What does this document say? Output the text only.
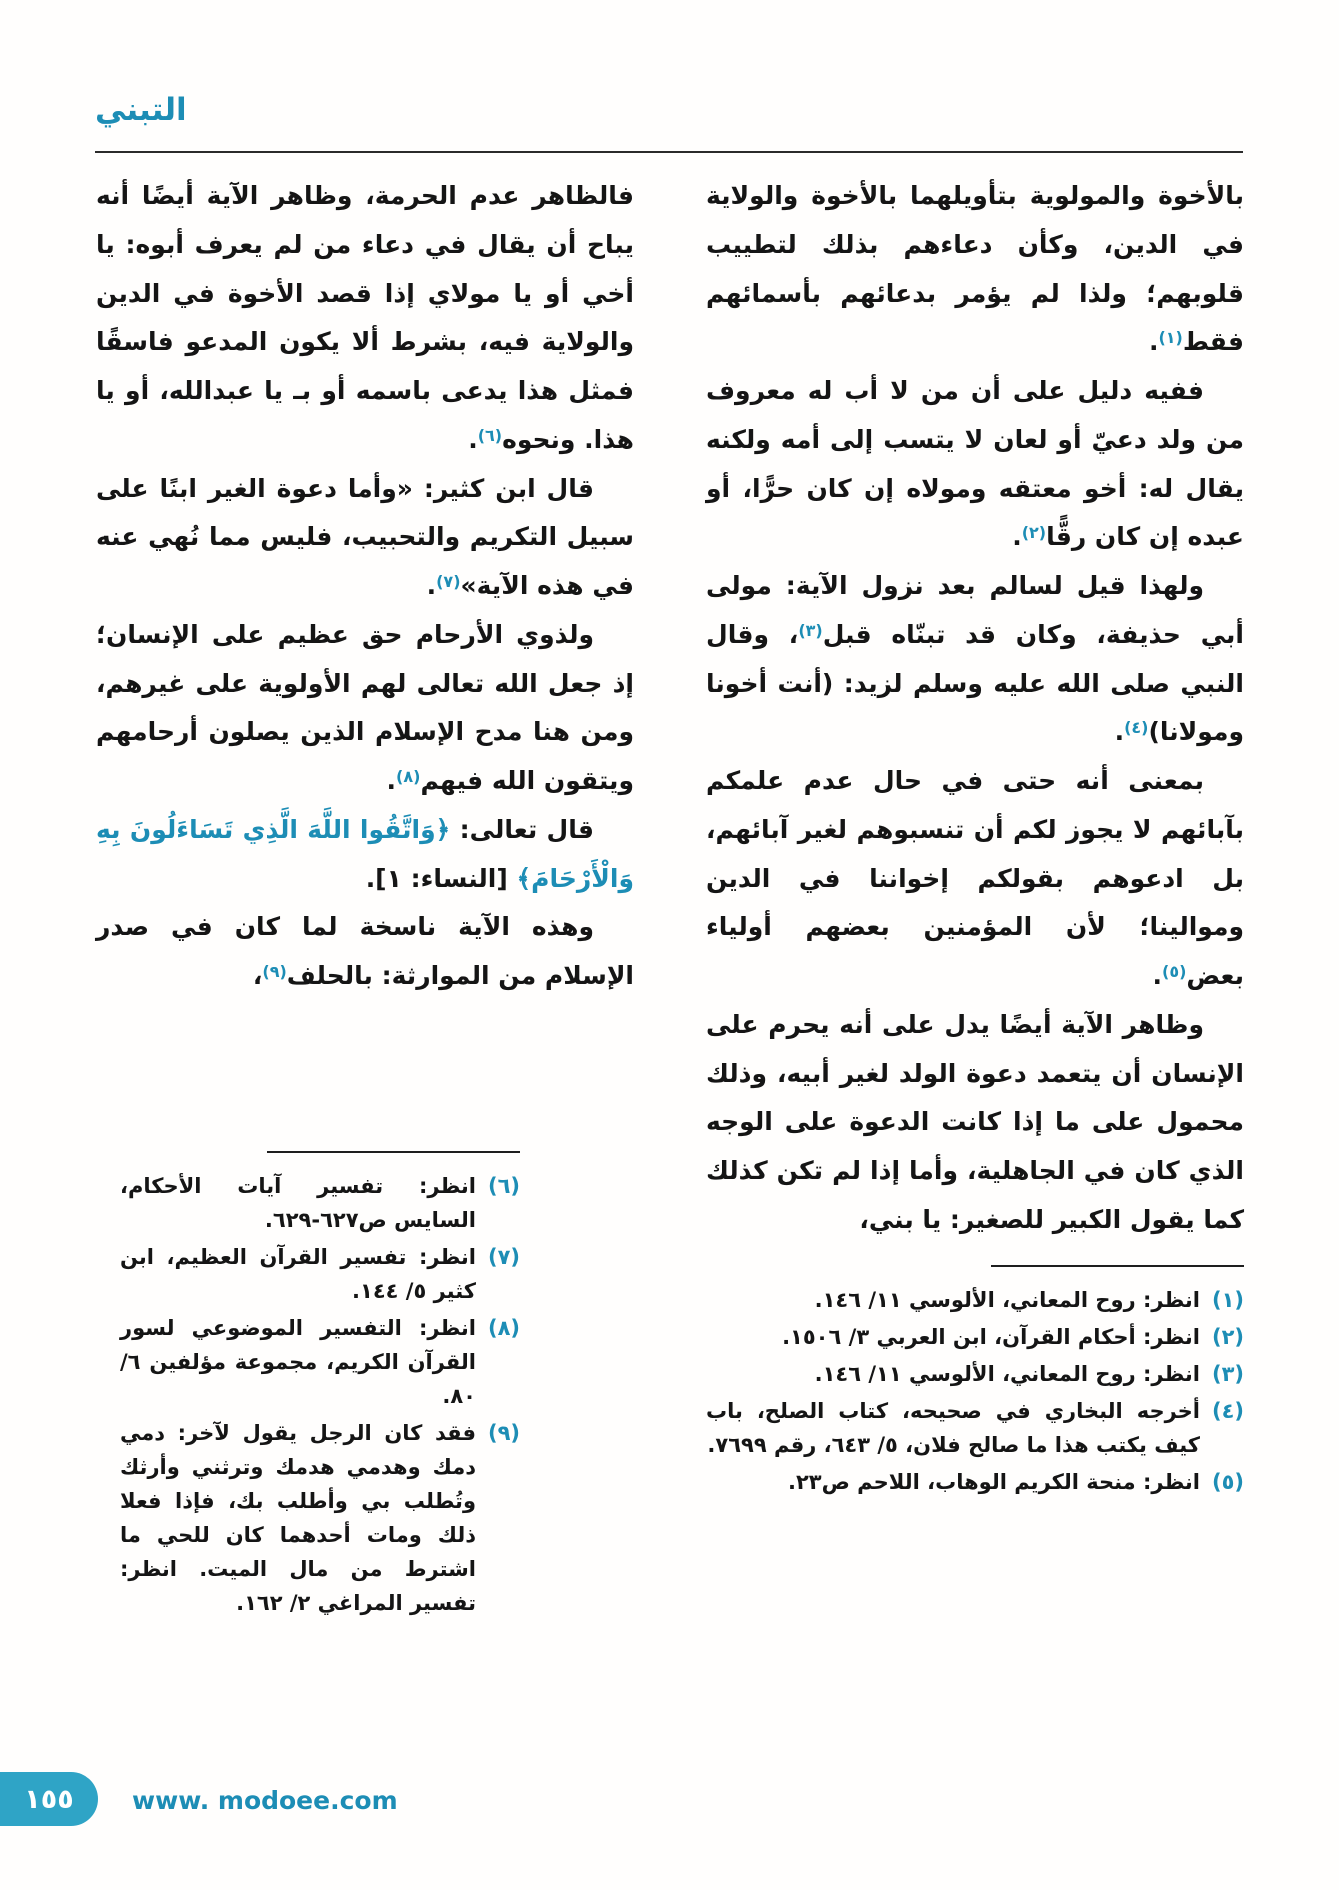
التبني

بالأخوة والمولوية بتأويلهما بالأخوة والولاية في الدين، وكأن دعاءهم بذلك لتطييب قلوبهم؛ ولذا لم يؤمر بدعائهم بأسمائهم فقط$^{(١)}$.

ففيه دليل على أن من لا أب له معروف من ولد دعيّ أو لعان لا يتسب إلى أمه ولكنه يقال له: أخو معتقه ومولاه إن كان حرًّا، أو عبده إن كان رقًّا$^{(٢)}$.

ولهذا قيل لسالم بعد نزول الآية: مولى أبي حذيفة، وكان قد تبنّاه قبل$^{(٣)}$، وقال النبي صلى الله عليه وسلم لزيد: (أنت أخونا ومولانا)$^{(٤)}$.

بمعنى أنه حتى في حال عدم علمكم بآبائهم لا يجوز لكم أن تنسبوهم لغير آبائهم، بل ادعوهم بقولكم إخواننا في الدين وموالينا؛ لأن المؤمنين بعضهم أولياء بعض$^{(٥)}$.

وظاهر الآية أيضًا يدل على أنه يحرم على الإنسان أن يتعمد دعوة الولد لغير أبيه، وذلك محمول على ما إذا كانت الدعوة على الوجه الذي كان في الجاهلية، وأما إذا لم تكن كذلك كما يقول الكبير للصغير: يا بني،

(١)
انظر: روح المعاني، الألوسي ١١/ ١٤٦.
(٢)
انظر: أحكام القرآن، ابن العربي ٣/ ١٥٠٦.
(٣)
انظر: روح المعاني، الألوسي ١١/ ١٤٦.
(٤)
أخرجه البخاري في صحيحه، كتاب الصلح، باب كيف يكتب هذا ما صالح فلان، ٥/ ٦٤٣، رقم ٧٦٩٩.
(٥)
انظر: منحة الكريم الوهاب، اللاحم ص٢٣.

فالظاهر عدم الحرمة، وظاهر الآية أيضًا أنه يباح أن يقال في دعاء من لم يعرف أبوه: يا أخي أو يا مولاي إذا قصد الأخوة في الدين والولاية فيه، بشرط ألا يكون المدعو فاسقًا فمثل هذا يدعى باسمه أو بـ يا عبدالله، أو يا هذا. ونحوه$^{(٦)}$.

قال ابن كثير: «وأما دعوة الغير ابنًا على سبيل التكريم والتحبيب، فليس مما نُهي عنه في هذه الآية»$^{(٧)}$.

ولذوي الأرحام حق عظيم على الإنسان؛ إذ جعل الله تعالى لهم الأولوية على غيرهم، ومن هنا مدح الإسلام الذين يصلون أرحامهم ويتقون الله فيهم$^{(٨)}$.

قال تعالى: ﴿وَاتَّقُوا اللَّهَ الَّذِي تَسَاءَلُونَ بِهِ وَالْأَرْحَامَ﴾ [النساء: ١].

وهذه الآية ناسخة لما كان في صدر الإسلام من الموارثة: بالحلف$^{(٩)}$،

(٦)
انظر: تفسير آيات الأحكام، السايس ص٦٢٧-٦٢٩.
(٧)
انظر: تفسير القرآن العظيم، ابن كثير ٥/ ١٤٤.
(٨)
انظر: التفسير الموضوعي لسور القرآن الكريم، مجموعة مؤلفين ٦/ ٨٠.
(٩)
فقد كان الرجل يقول لآخر: دمي دمك وهدمي هدمك وترثني وأرثك وتُطلب بي وأطلب بك، فإذا فعلا ذلك ومات أحدهما كان للحي ما اشترط من مال الميت. انظر: تفسير المراغي ٢/ ١٦٢.
١٥٥ www. modoee.com
